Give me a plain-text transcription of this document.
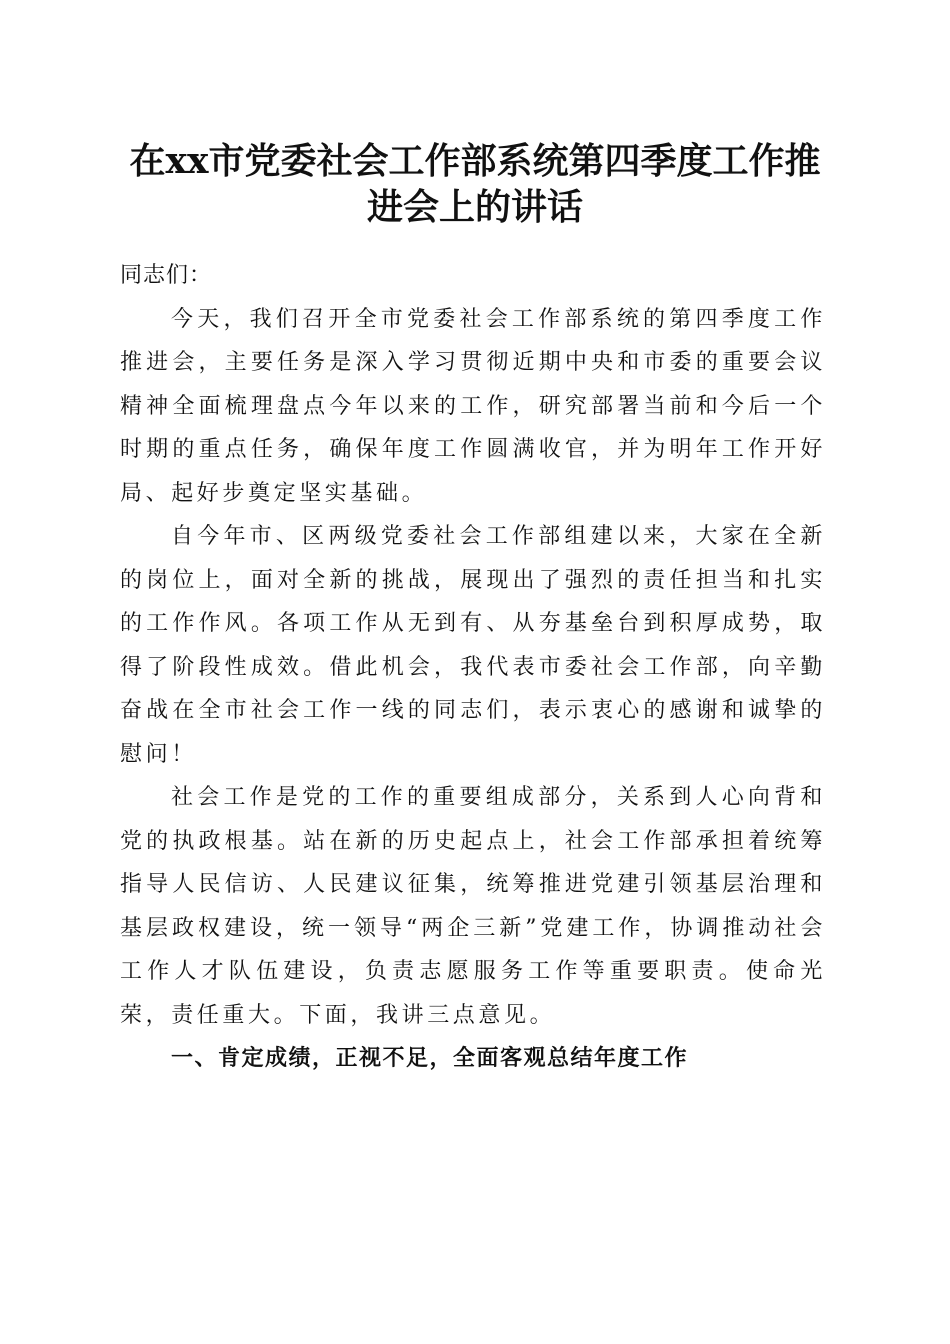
在xx市党委社会工作部系统第四季度工作推
进会上的讲话

同志们：

今天，我们召开全市党委社会工作部系统的第四季度工作推进会，主要任务是深入学习贯彻近期中央和市委的重要会议精神全面梳理盘点今年以来的工作，研究部署当前和今后一个时期的重点任务，确保年度工作圆满收官，并为明年工作开好局、起好步奠定坚实基础。

自今年市、区两级党委社会工作部组建以来，大家在全新的岗位上，面对全新的挑战，展现出了强烈的责任担当和扎实的工作作风。各项工作从无到有、从夯基垒台到积厚成势，取得了阶段性成效。借此机会，我代表市委社会工作部，向辛勤奋战在全市社会工作一线的同志们，表示衷心的感谢和诚挚的慰问！

社会工作是党的工作的重要组成部分，关系到人心向背和党的执政根基。站在新的历史起点上，社会工作部承担着统筹指导人民信访、人民建议征集，统筹推进党建引领基层治理和基层政权建设，统一领导“两企三新”党建工作，协调推动社会工作人才队伍建设，负责志愿服务工作等重要职责。使命光荣，责任重大。下面，我讲三点意见。

一、肯定成绩，正视不足，全面客观总结年度工作
